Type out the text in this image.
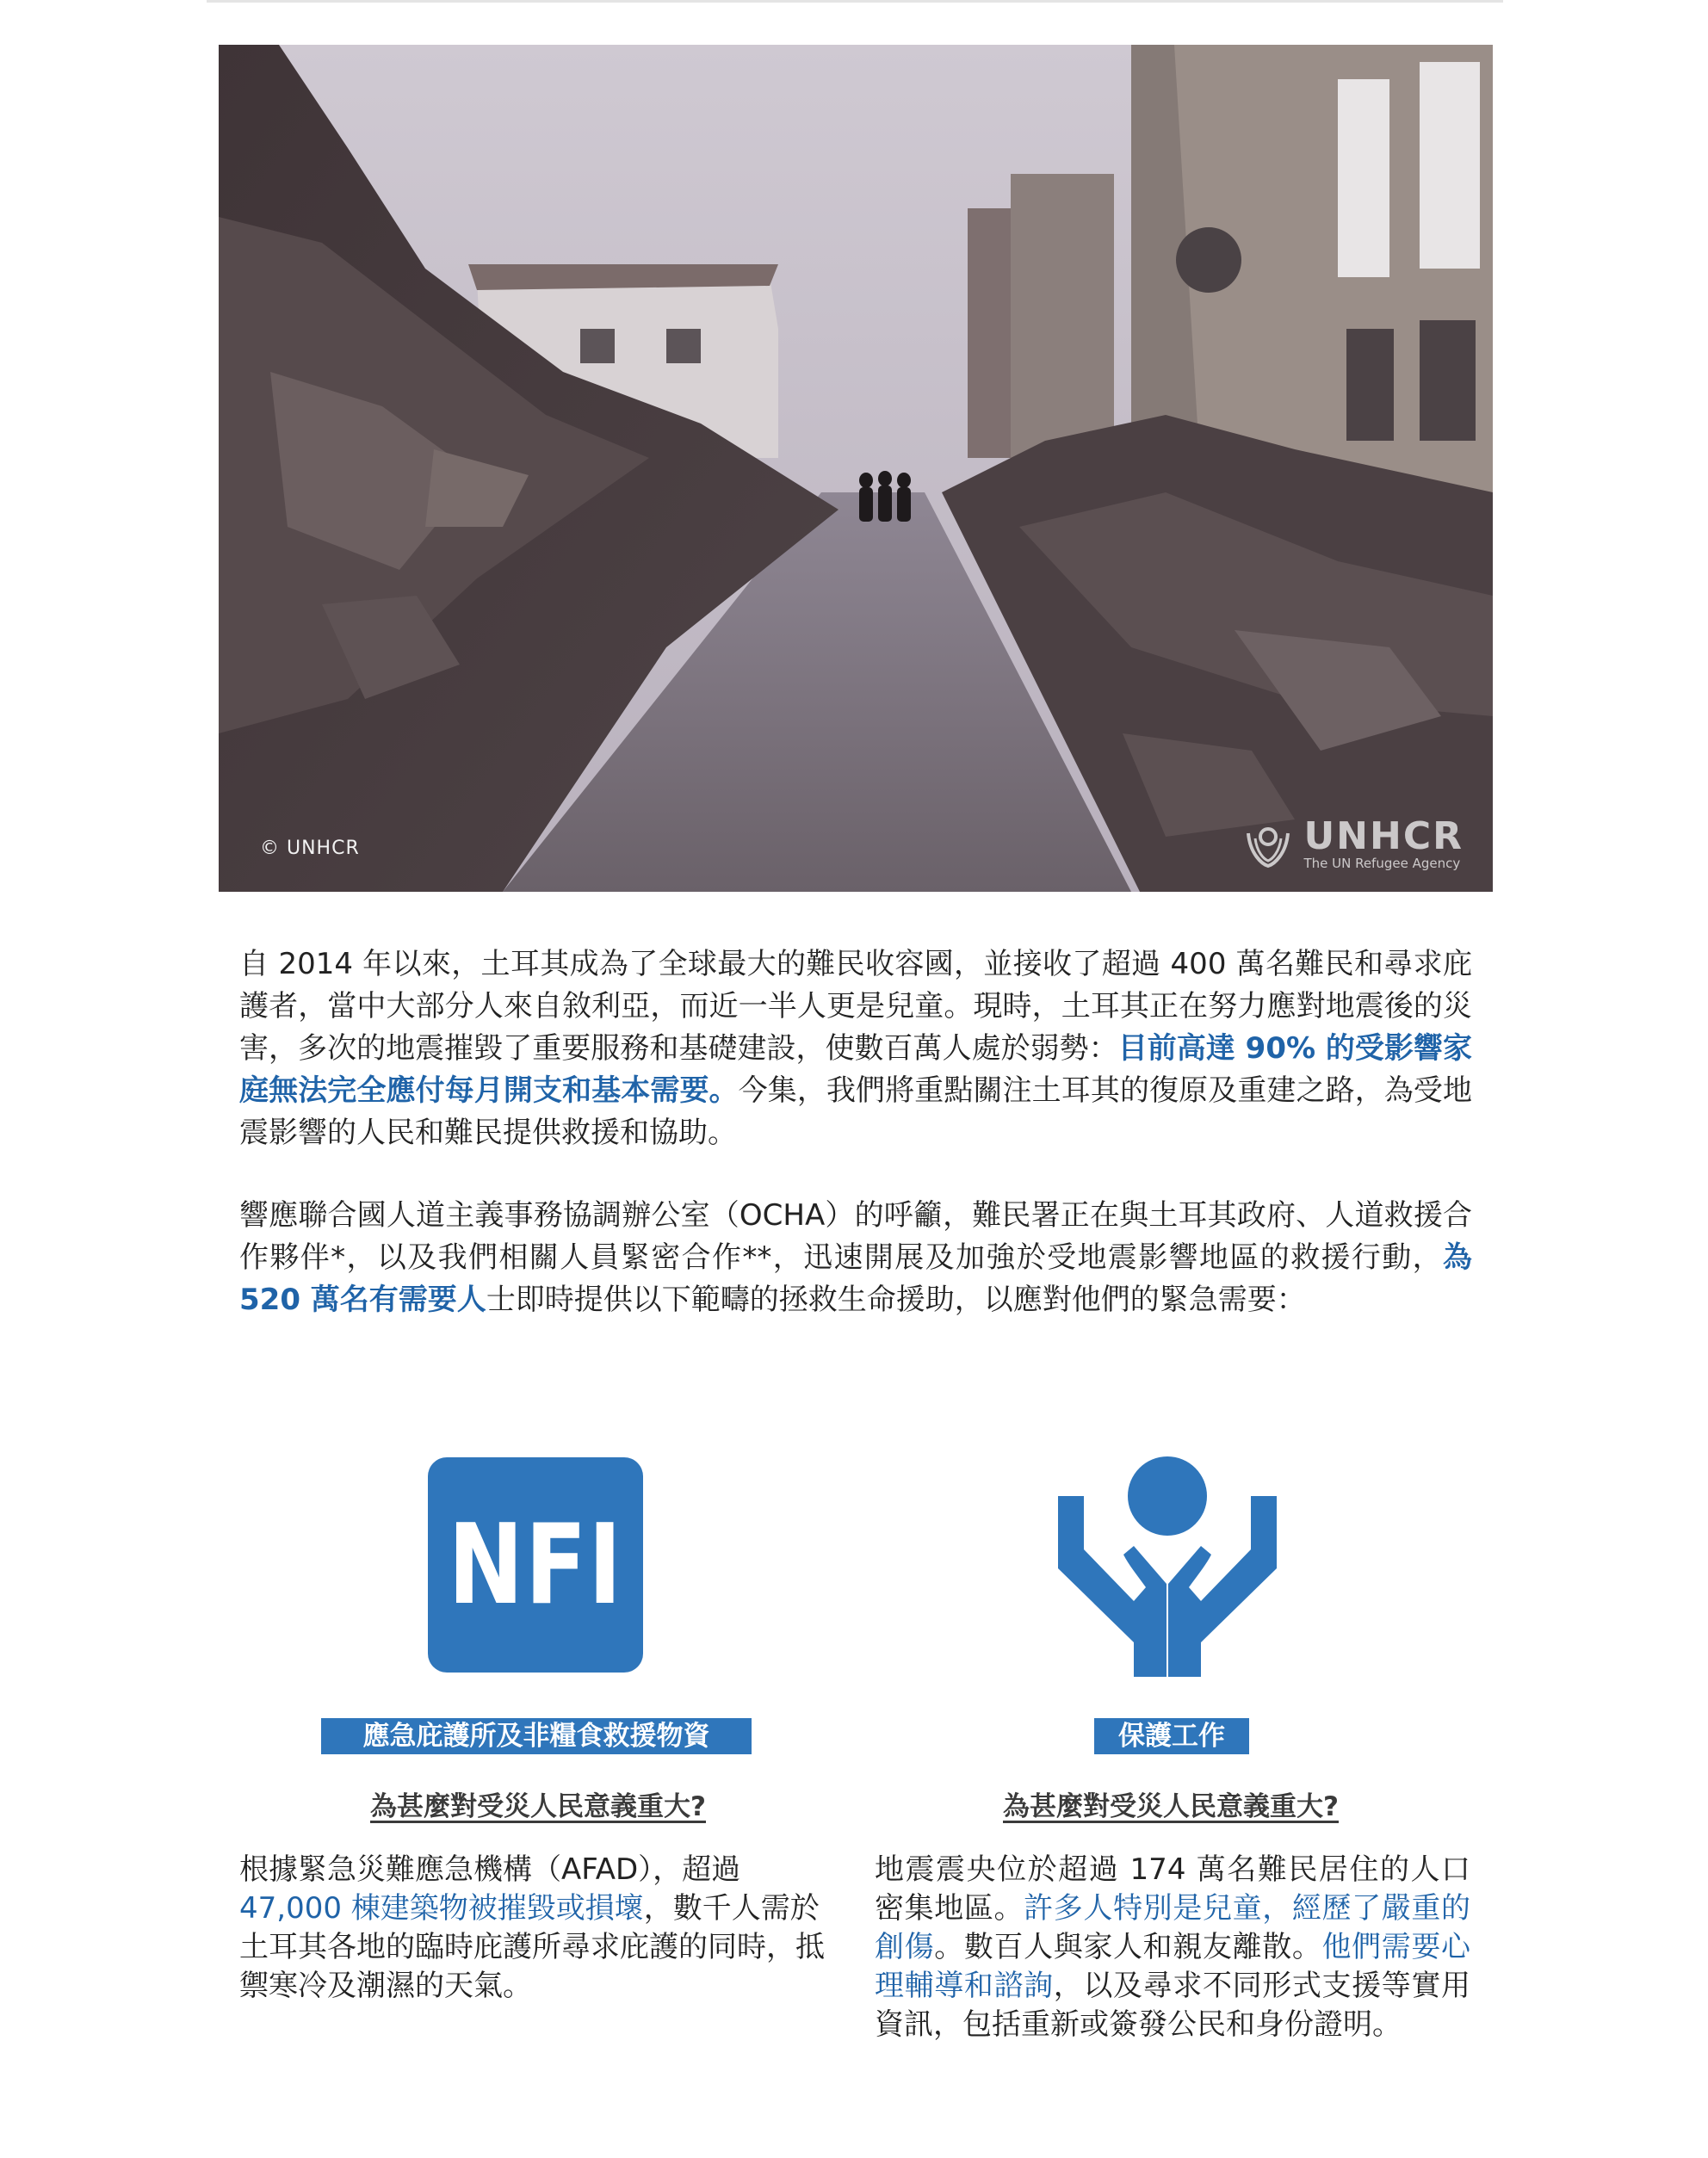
© UNHCR	UNHCR
The UN Refugee Agency

自 2014 年以來，土耳其成為了全球最大的難民收容國，並接收了超過 400 萬名難民和尋求庇護者，當中大部分人來自敘利亞，而近一半人更是兒童。現時，土耳其正在努力應對地震後的災害，多次的地震摧毀了重要服務和基礎建設，使數百萬人處於弱勢：目前高達 90% 的受影響家庭無法完全應付每月開支和基本需要。今集，我們將重點關注土耳其的復原及重建之路，為受地震影響的人民和難民提供救援和協助。

響應聯合國人道主義事務協調辦公室（OCHA）的呼籲，難民署正在與土耳其政府、人道救援合作夥伴*，以及我們相關人員緊密合作**，迅速開展及加強於受地震影響地區的救援行動，為 520 萬名有需要人士即時提供以下範疇的拯救生命援助，以應對他們的緊急需要：

NFI
應急庇護所及非糧食救援物資	保護工作
為甚麼對受災人民意義重大?	為甚麼對受災人民意義重大?

根據緊急災難應急機構（AFAD），超過47,000 棟建築物被摧毀或損壞，數千人需於土耳其各地的臨時庇護所尋求庇護的同時，抵禦寒冷及潮濕的天氣。

地震震央位於超過 174 萬名難民居住的人口密集地區。許多人特別是兒童，經歷了嚴重的創傷。數百人與家人和親友離散。他們需要心理輔導和諮詢，以及尋求不同形式支援等實用資訊，包括重新或簽發公民和身份證明。
